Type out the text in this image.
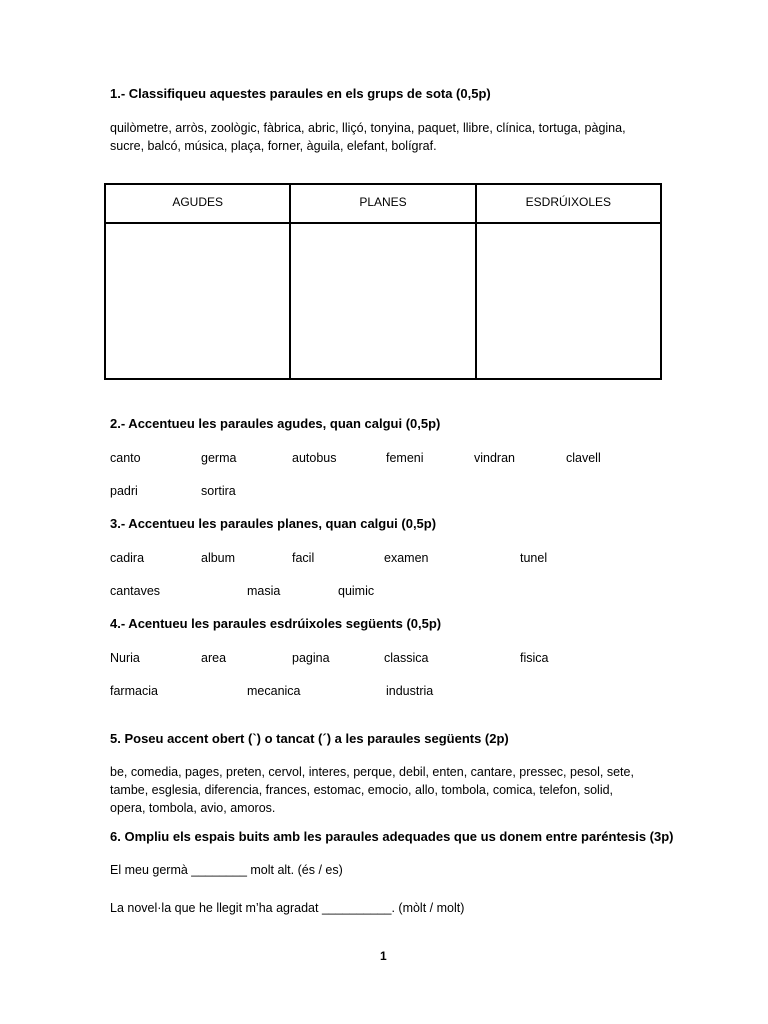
1.- Classifiqueu aquestes paraules en els grups de sota (0,5p)
quilòmetre, arròs, zoològic, fàbrica, abric, lliçó, tonyina, paquet, llibre, clínica, tortuga, pàgina,
sucre, balcó, música, plaça, forner, àguila, elefant, bolígraf.
AGUDES	PLANES	ESDRÚIXOLES

2.- Accentueu les paraules agudes, quan calgui (0,5p)
canto	germa	autobus	femeni	vindran	clavell
padri	sortira
3.- Accentueu les paraules planes, quan calgui (0,5p)
cadira	album	facil	examen	tunel
cantaves	masia	quimic
4.- Acentueu les paraules esdrúixoles següents (0,5p)
Nuria	area	pagina	classica	fisica
farmacia	mecanica	industria
5. Poseu accent obert (`) o tancat (´) a les paraules següents (2p)
be, comedia, pages, preten, cervol, interes, perque, debil, enten, cantare, pressec, pesol, sete,
tambe, esglesia, diferencia, frances, estomac, emocio, allo, tombola, comica, telefon, solid,
opera, tombola, avio, amoros.
6. Ompliu els espais buits amb les paraules adequades que us donem entre paréntesis (3p)
El meu germà ________ molt alt. (és / es)
La novel·la que he llegit m’ha agradat __________. (mòlt / molt)
1
